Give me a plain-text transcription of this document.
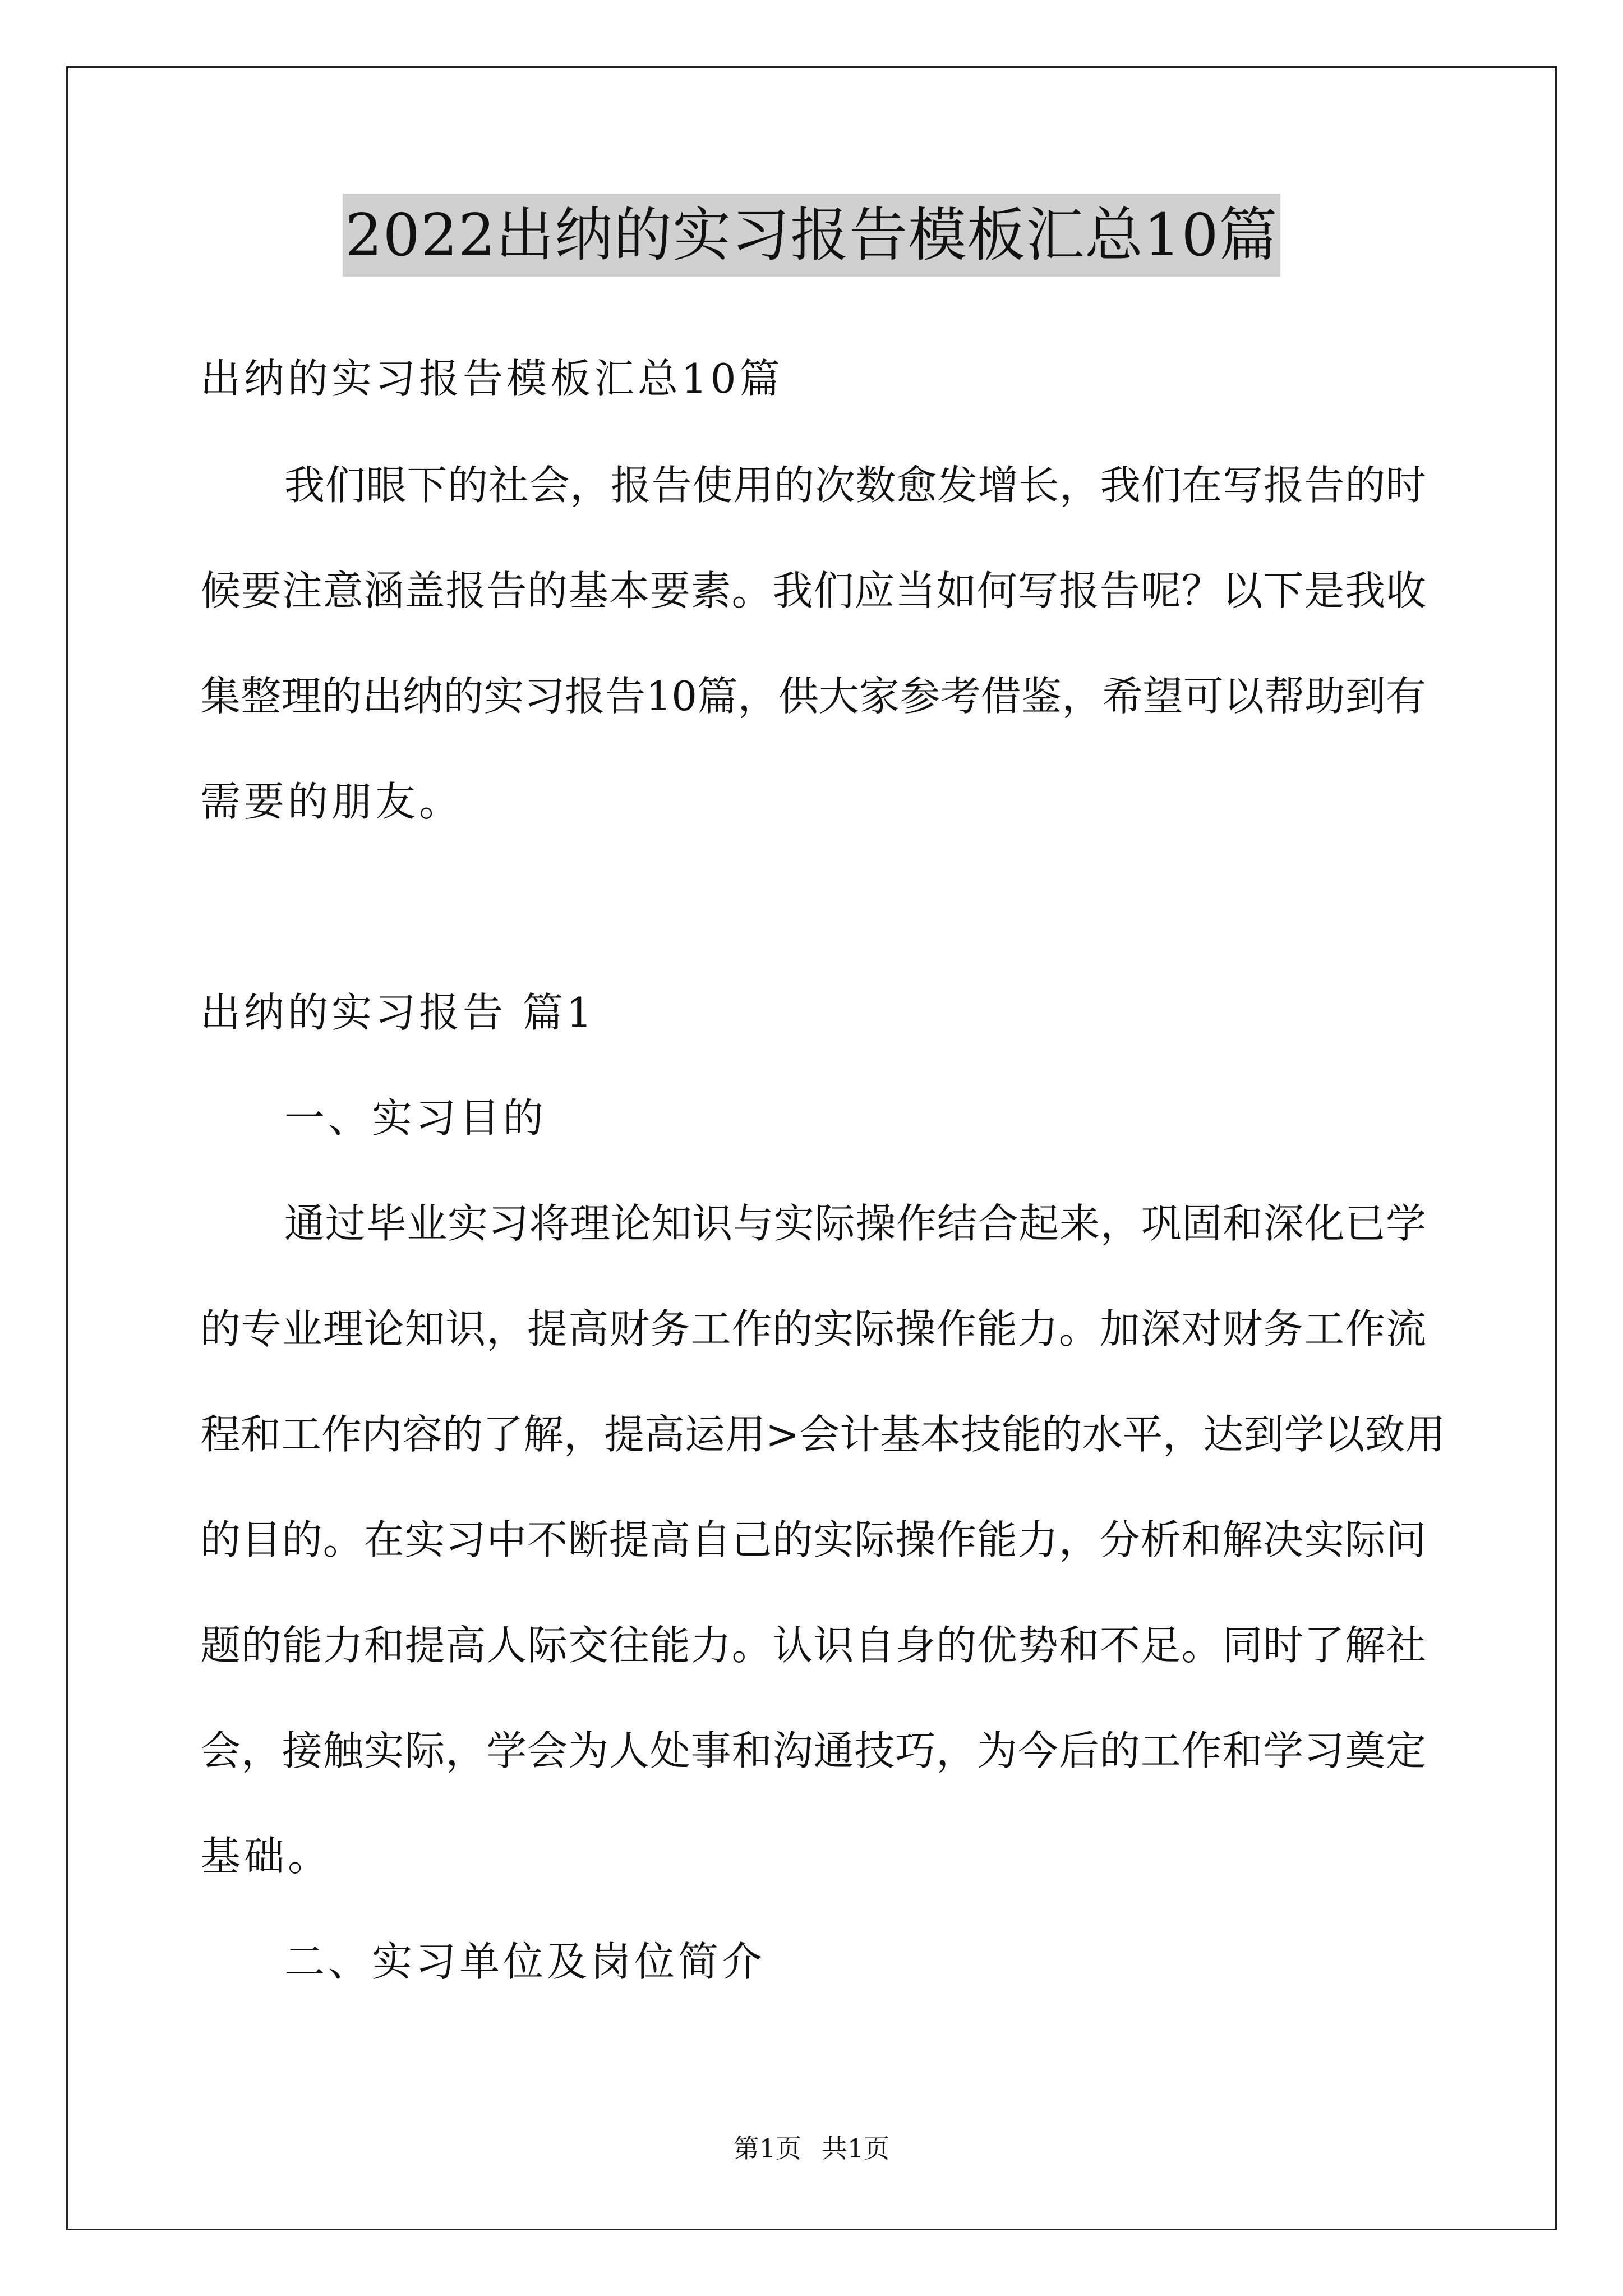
2022出纳的实习报告模板汇总10篇
出纳的实习报告模板汇总10篇
我们眼下的社会，报告使用的次数愈发增长，我们在写报告的时
候要注意涵盖报告的基本要素。我们应当如何写报告呢？以下是我收
集整理的出纳的实习报告10篇，供大家参考借鉴，希望可以帮助到有
需要的朋友。
出纳的实习报告 篇1
一、实习目的
通过毕业实习将理论知识与实际操作结合起来，巩固和深化已学
的专业理论知识，提高财务工作的实际操作能力。加深对财务工作流
程和工作内容的了解，提高运用>会计基本技能的水平，达到学以致用
的目的。在实习中不断提高自己的实际操作能力，分析和解决实际问
题的能力和提高人际交往能力。认识自身的优势和不足。同时了解社
会，接触实际，学会为人处事和沟通技巧，为今后的工作和学习奠定
基础。
二、实习单位及岗位简介
第1页 共1页
